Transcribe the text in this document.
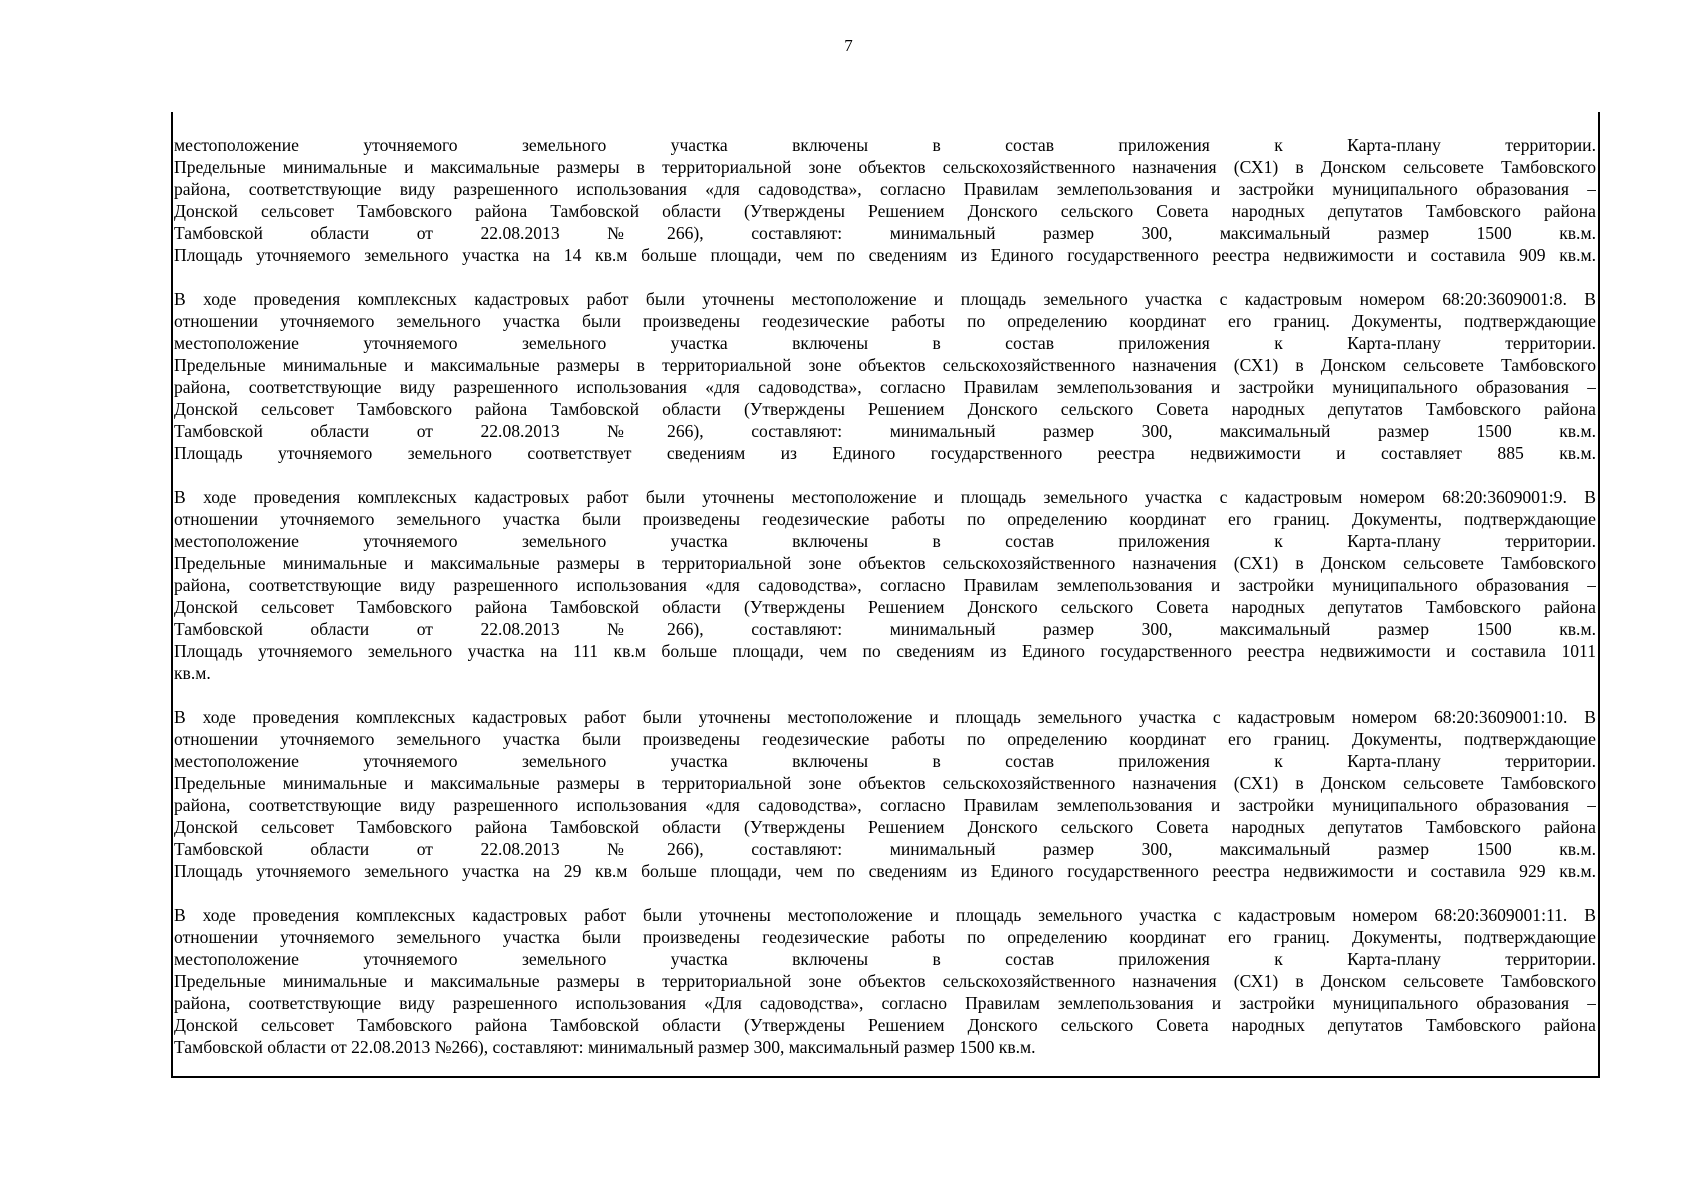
7
местоположение уточняемого земельного участка включены в состав приложения к Карта-плану территории.
Предельные минимальные и максимальные размеры в территориальной зоне объектов сельскохозяйственного назначения (СХ1) в Донском сельсовете Тамбовского
района, соответствующие виду разрешенного использования «для садоводства», согласно Правилам землепользования и застройки муниципального образования –
Донской сельсовет Тамбовского района Тамбовской области (Утверждены Решением Донского сельского Совета народных депутатов Тамбовского района
Тамбовской области от 22.08.2013 №266), составляют: минимальный размер 300, максимальный размер 1500 кв.м.
Площадь уточняемого земельного участка на 14 кв.м больше площади, чем по сведениям из Единого государственного реестра недвижимости и составила 909 кв.м.
В ходе проведения комплексных кадастровых работ были уточнены местоположение и площадь земельного участка с кадастровым номером 68:20:3609001:8. В
отношении уточняемого земельного участка были произведены геодезические работы по определению координат его границ. Документы, подтверждающие
местоположение уточняемого земельного участка включены в состав приложения к Карта-плану территории.
Предельные минимальные и максимальные размеры в территориальной зоне объектов сельскохозяйственного назначения (СХ1) в Донском сельсовете Тамбовского
района, соответствующие виду разрешенного использования «для садоводства», согласно Правилам землепользования и застройки муниципального образования –
Донской сельсовет Тамбовского района Тамбовской области (Утверждены Решением Донского сельского Совета народных депутатов Тамбовского района
Тамбовской области от 22.08.2013 №266), составляют: минимальный размер 300, максимальный размер 1500 кв.м.
Площадь уточняемого земельного соответствует сведениям из Единого государственного реестра недвижимости и составляет 885 кв.м.
В ходе проведения комплексных кадастровых работ были уточнены местоположение и площадь земельного участка с кадастровым номером 68:20:3609001:9. В
отношении уточняемого земельного участка были произведены геодезические работы по определению координат его границ. Документы, подтверждающие
местоположение уточняемого земельного участка включены в состав приложения к Карта-плану территории.
Предельные минимальные и максимальные размеры в территориальной зоне объектов сельскохозяйственного назначения (СХ1) в Донском сельсовете Тамбовского
района, соответствующие виду разрешенного использования «для садоводства», согласно Правилам землепользования и застройки муниципального образования –
Донской сельсовет Тамбовского района Тамбовской области (Утверждены Решением Донского сельского Совета народных депутатов Тамбовского района
Тамбовской области от 22.08.2013 №266), составляют: минимальный размер 300, максимальный размер 1500 кв.м.
Площадь уточняемого земельного участка на 111 кв.м больше площади, чем по сведениям из Единого государственного реестра недвижимости и составила 1011
кв.м.
В ходе проведения комплексных кадастровых работ были уточнены местоположение и площадь земельного участка с кадастровым номером 68:20:3609001:10. В
отношении уточняемого земельного участка были произведены геодезические работы по определению координат его границ. Документы, подтверждающие
местоположение уточняемого земельного участка включены в состав приложения к Карта-плану территории.
Предельные минимальные и максимальные размеры в территориальной зоне объектов сельскохозяйственного назначения (СХ1) в Донском сельсовете Тамбовского
района, соответствующие виду разрешенного использования «для садоводства», согласно Правилам землепользования и застройки муниципального образования –
Донской сельсовет Тамбовского района Тамбовской области (Утверждены Решением Донского сельского Совета народных депутатов Тамбовского района
Тамбовской области от 22.08.2013 №266), составляют: минимальный размер 300, максимальный размер 1500 кв.м.
Площадь уточняемого земельного участка на 29 кв.м больше площади, чем по сведениям из Единого государственного реестра недвижимости и составила 929 кв.м.
В ходе проведения комплексных кадастровых работ были уточнены местоположение и площадь земельного участка с кадастровым номером 68:20:3609001:11. В
отношении уточняемого земельного участка были произведены геодезические работы по определению координат его границ. Документы, подтверждающие
местоположение уточняемого земельного участка включены в состав приложения к Карта-плану территории.
Предельные минимальные и максимальные размеры в территориальной зоне объектов сельскохозяйственного назначения (СХ1) в Донском сельсовете Тамбовского
района, соответствующие виду разрешенного использования «Для садоводства», согласно Правилам землепользования и застройки муниципального образования –
Донской сельсовет Тамбовского района Тамбовской области (Утверждены Решением Донского сельского Совета народных депутатов Тамбовского района
Тамбовской области от 22.08.2013 №266), составляют: минимальный размер 300, максимальный размер 1500 кв.м.
